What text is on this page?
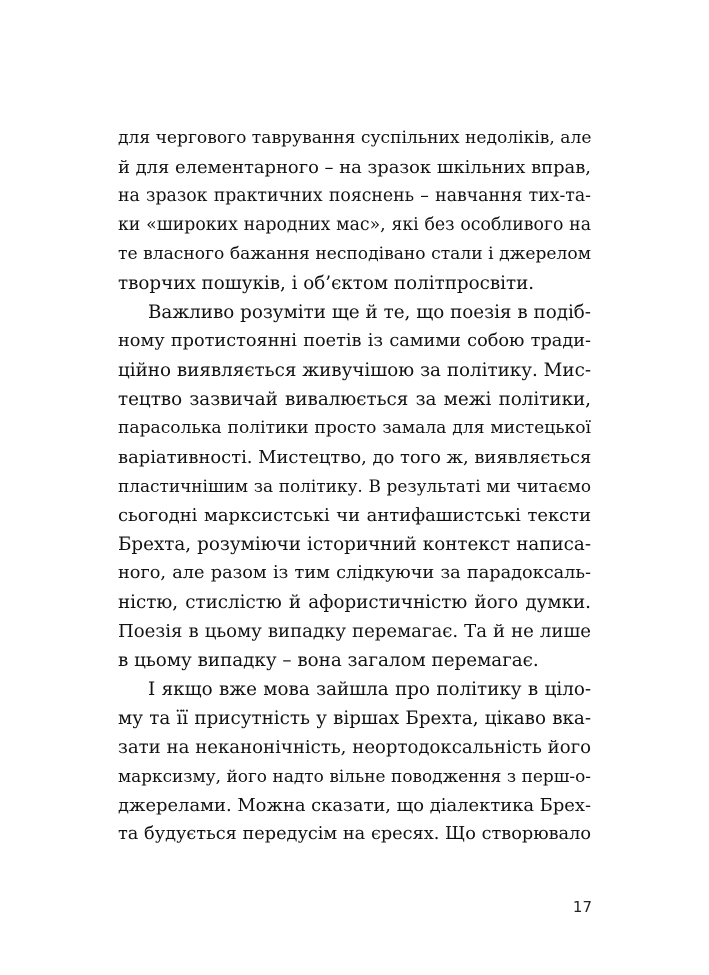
для чергового таврування суспільних недоліків, але
й для елементарного – на зразок шкільних вправ,
на зразок практичних пояснень – навчання тих-та-
ки «широких народних мас», які без особливого на
те власного бажання несподівано стали і джерелом
творчих пошуків, і об’єктом політпросвіти.
Важливо розуміти ще й те, що поезія в подіб-
ному протистоянні поетів із самими собою тради-
ційно виявляється живучішою за політику. Мис-
тецтво зазвичай вивалюється за межі політики,
парасолька політики просто замала для мистецької
варіативності. Мистецтво, до того ж, виявляється
пластичнішим за політику. В результаті ми читаємо
сьогодні марксистські чи антифашистські тексти
Брехта, розуміючи історичний контекст написа-
ного, але разом із тим слідкуючи за парадоксаль-
ністю, стислістю й афористичністю його думки.
Поезія в цьому випадку перемагає. Та й не лише
в цьому випадку – вона загалом перемагає.
І якщо вже мова зайшла про політику в ціло-
му та її присутність у віршах Брехта, цікаво вка-
зати на неканонічність, неортодоксальність його
марксизму, його надто вільне поводження з перш-о-
джерелами. Можна сказати, що діалектика Брех-
та будується передусім на єресях. Що створювало
17
